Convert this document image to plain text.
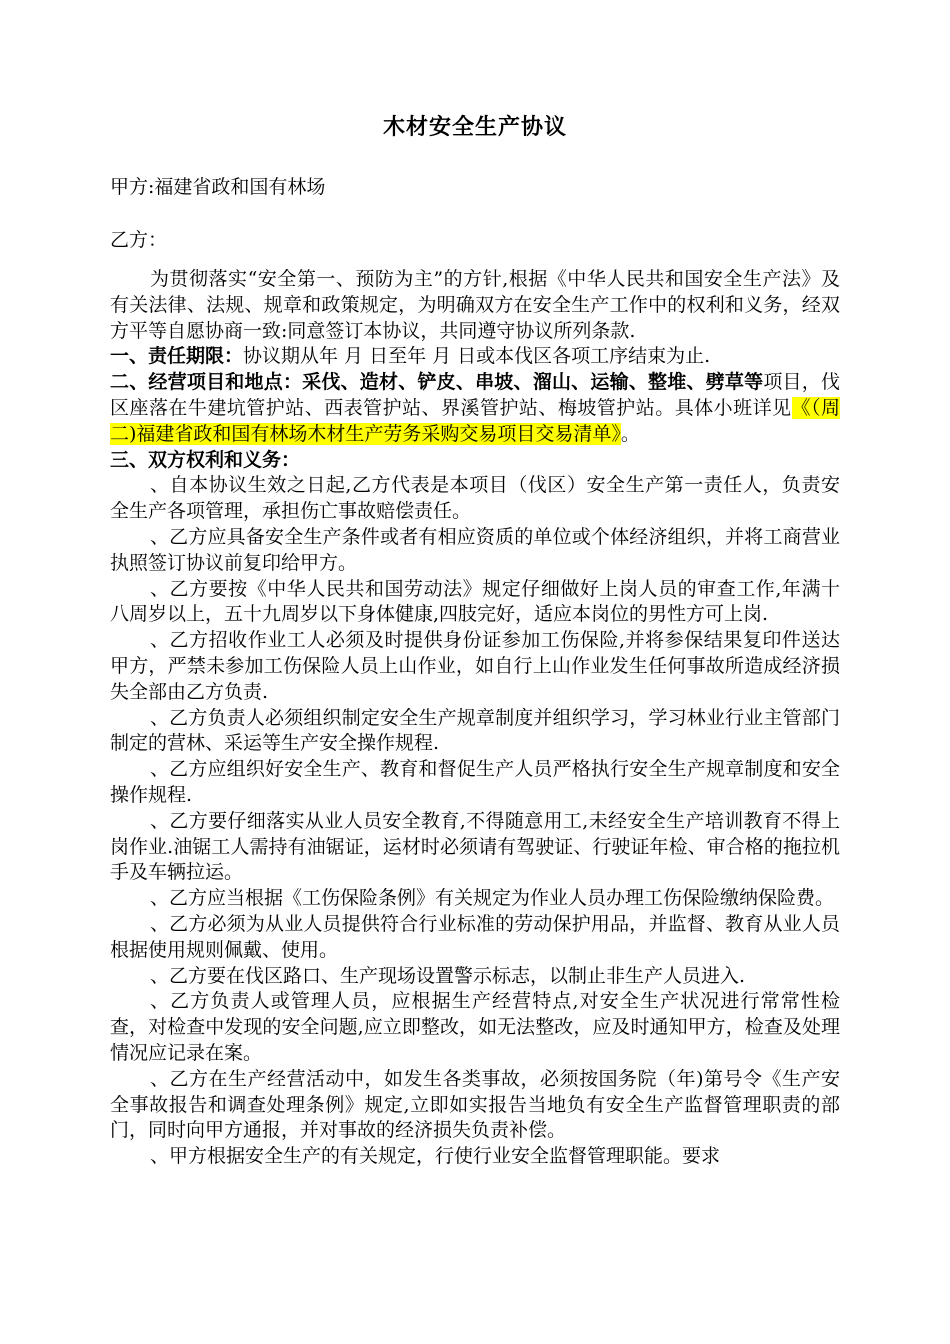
木材安全生产协议
甲方:福建省政和国有林场
乙方：

为贯彻落实“安全第一、预防为主”的方针,根据《中华人民共和国安全生产法》及有关法律、法规、规章和政策规定，为明确双方在安全生产工作中的权利和义务，经双方平等自愿协商一致:同意签订本协议，共同遵守协议所列条款.

一、责任期限：协议期从年 月 日至年 月 日或本伐区各项工序结束为止.

二、经营项目和地点：采伐、造材、铲皮、串坡、溜山、运输、整堆、劈草等项目，伐区座落在牛建坑管护站、西表管护站、界溪管护站、梅坡管护站。具体小班详见《（周二)福建省政和国有林场木材生产劳务采购交易项目交易清单》。

三、双方权利和义务：

、自本协议生效之日起,乙方代表是本项目（伐区）安全生产第一责任人，负责安全生产各项管理，承担伤亡事故赔偿责任。

、乙方应具备安全生产条件或者有相应资质的单位或个体经济组织，并将工商营业执照签订协议前复印给甲方。

、乙方要按《中华人民共和国劳动法》规定仔细做好上岗人员的审查工作,年满十八周岁以上，五十九周岁以下身体健康,四肢完好，适应本岗位的男性方可上岗.

、乙方招收作业工人必须及时提供身份证参加工伤保险,并将参保结果复印件送达甲方，严禁未参加工伤保险人员上山作业，如自行上山作业发生任何事故所造成经济损失全部由乙方负责.

、乙方负责人必须组织制定安全生产规章制度并组织学习，学习林业行业主管部门制定的营林、采运等生产安全操作规程.

、乙方应组织好安全生产、教育和督促生产人员严格执行安全生产规章制度和安全操作规程.

、乙方要仔细落实从业人员安全教育,不得随意用工,未经安全生产培训教育不得上岗作业.油锯工人需持有油锯证，运材时必须请有驾驶证、行驶证年检、审合格的拖拉机手及车辆拉运。

、乙方应当根据《工伤保险条例》有关规定为作业人员办理工伤保险缴纳保险费。

、乙方必须为从业人员提供符合行业标准的劳动保护用品，并监督、教育从业人员根据使用规则佩戴、使用。

、乙方要在伐区路口、生产现场设置警示标志，以制止非生产人员进入.

、乙方负责人或管理人员，应根据生产经营特点,对安全生产状况进行常常性检查，对检查中发现的安全问题,应立即整改，如无法整改，应及时通知甲方，检查及处理情况应记录在案。

、乙方在生产经营活动中，如发生各类事故，必须按国务院（年)第号令《生产安全事故报告和调查处理条例》规定,立即如实报告当地负有安全生产监督管理职责的部门，同时向甲方通报，并对事故的经济损失负责补偿。

、甲方根据安全生产的有关规定，行使行业安全监督管理职能。要求
